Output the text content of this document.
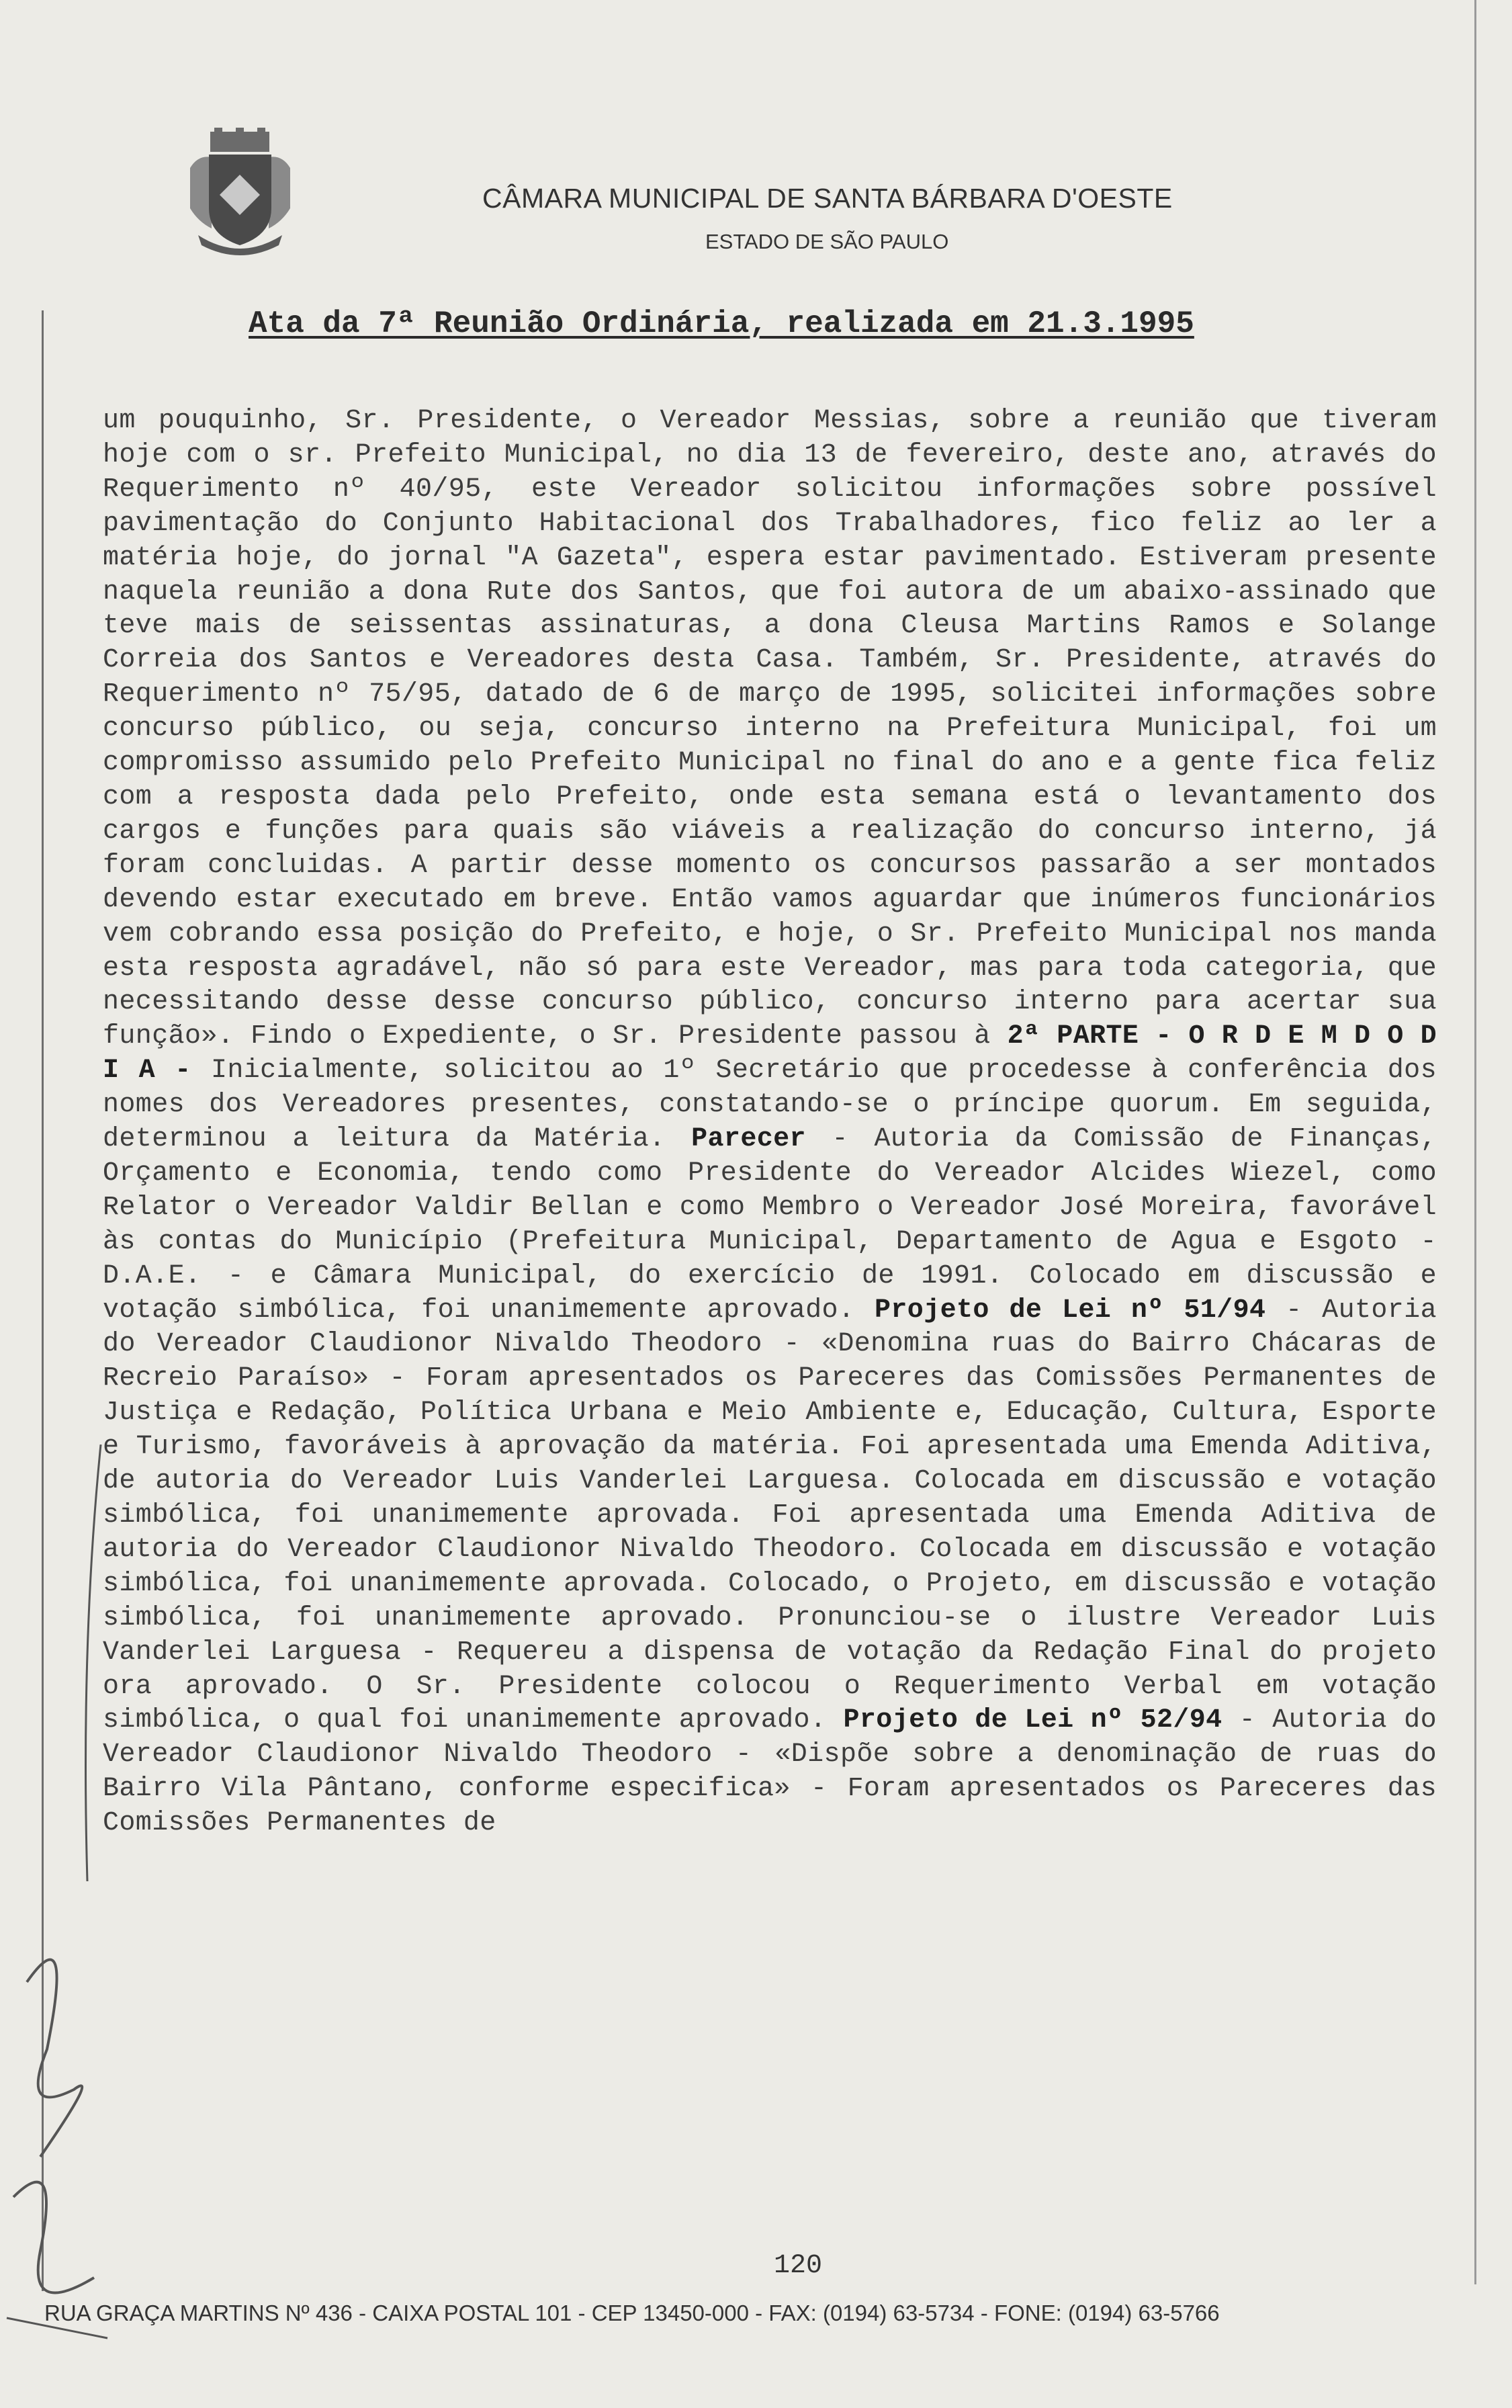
CÂMARA MUNICIPAL DE SANTA BÁRBARA D'OESTE
ESTADO DE SÃO PAULO
Ata da 7ª Reunião Ordinária, realizada em 21.3.1995
um pouquinho, Sr. Presidente, o Vereador Messias, sobre a reunião que tiveram hoje com o sr. Prefeito Municipal, no dia 13 de fevereiro, deste ano, através do Requerimento nº 40/95, este Vereador solicitou informações sobre possível pavimentação do Conjunto Habitacional dos Trabalhadores, fico feliz ao ler a matéria hoje, do jornal "A Gazeta", espera estar pavimentado. Estiveram presente naquela reunião a dona Rute dos Santos, que foi autora de um abaixo-assinado que teve mais de seissentas assinaturas, a dona Cleusa Martins Ramos e Solange Correia dos Santos e Vereadores desta Casa. Também, Sr. Presidente, através do Requerimento nº 75/95, datado de 6 de março de 1995, solicitei informações sobre concurso público, ou seja, concurso interno na Prefeitura Municipal, foi um compromisso assumido pelo Prefeito Municipal no final do ano e a gente fica feliz com a resposta dada pelo Prefeito, onde esta semana está o levantamento dos cargos e funções para quais são viáveis a realização do concurso interno, já foram concluidas. A partir desse momento os concursos passarão a ser montados devendo estar executado em breve. Então vamos aguardar que inúmeros funcionários vem cobrando essa posição do Prefeito, e hoje, o Sr. Prefeito Municipal nos manda esta resposta agradável, não só para este Vereador, mas para toda categoria, que necessitando desse desse concurso público, concurso interno para acertar sua função». Findo o Expediente, o Sr. Presidente passou à 2ª PARTE - O R D E M D O D I A - Inicialmente, solicitou ao 1º Secretário que procedesse à conferência dos nomes dos Vereadores presentes, constatando-se o príncipe quorum. Em seguida, determinou a leitura da Matéria. Parecer - Autoria da Comissão de Finanças, Orçamento e Economia, tendo como Presidente do Vereador Alcides Wiezel, como Relator o Vereador Valdir Bellan e como Membro o Vereador José Moreira, favorável às contas do Município (Prefeitura Municipal, Departamento de Agua e Esgoto - D.A.E. - e Câmara Municipal, do exercício de 1991. Colocado em discussão e votação simbólica, foi unanimemente aprovado. Projeto de Lei nº 51/94 - Autoria do Vereador Claudionor Nivaldo Theodoro - «Denomina ruas do Bairro Chácaras de Recreio Paraíso» - Foram apresentados os Pareceres das Comissões Permanentes de Justiça e Redação, Política Urbana e Meio Ambiente e, Educação, Cultura, Esporte e Turismo, favoráveis à aprovação da matéria. Foi apresentada uma Emenda Aditiva, de autoria do Vereador Luis Vanderlei Larguesa. Colocada em discussão e votação simbólica, foi unanimemente aprovada. Foi apresentada uma Emenda Aditiva de autoria do Vereador Claudionor Nivaldo Theodoro. Colocada em discussão e votação simbólica, foi unanimemente aprovada. Colocado, o Projeto, em discussão e votação simbólica, foi unanimemente aprovado. Pronunciou-se o ilustre Vereador Luis Vanderlei Larguesa - Requereu a dispensa de votação da Redação Final do projeto ora aprovado. O Sr. Presidente colocou o Requerimento Verbal em votação simbólica, o qual foi unanimemente aprovado. Projeto de Lei nº 52/94 - Autoria do Vereador Claudionor Nivaldo Theodoro - «Dispõe sobre a denominação de ruas do Bairro Vila Pântano, conforme especifica» - Foram apresentados os Pareceres das Comissões Permanentes de
120
RUA GRAÇA MARTINS Nº 436 - CAIXA POSTAL 101 - CEP 13450-000 - FAX: (0194) 63-5734 - FONE: (0194) 63-5766
